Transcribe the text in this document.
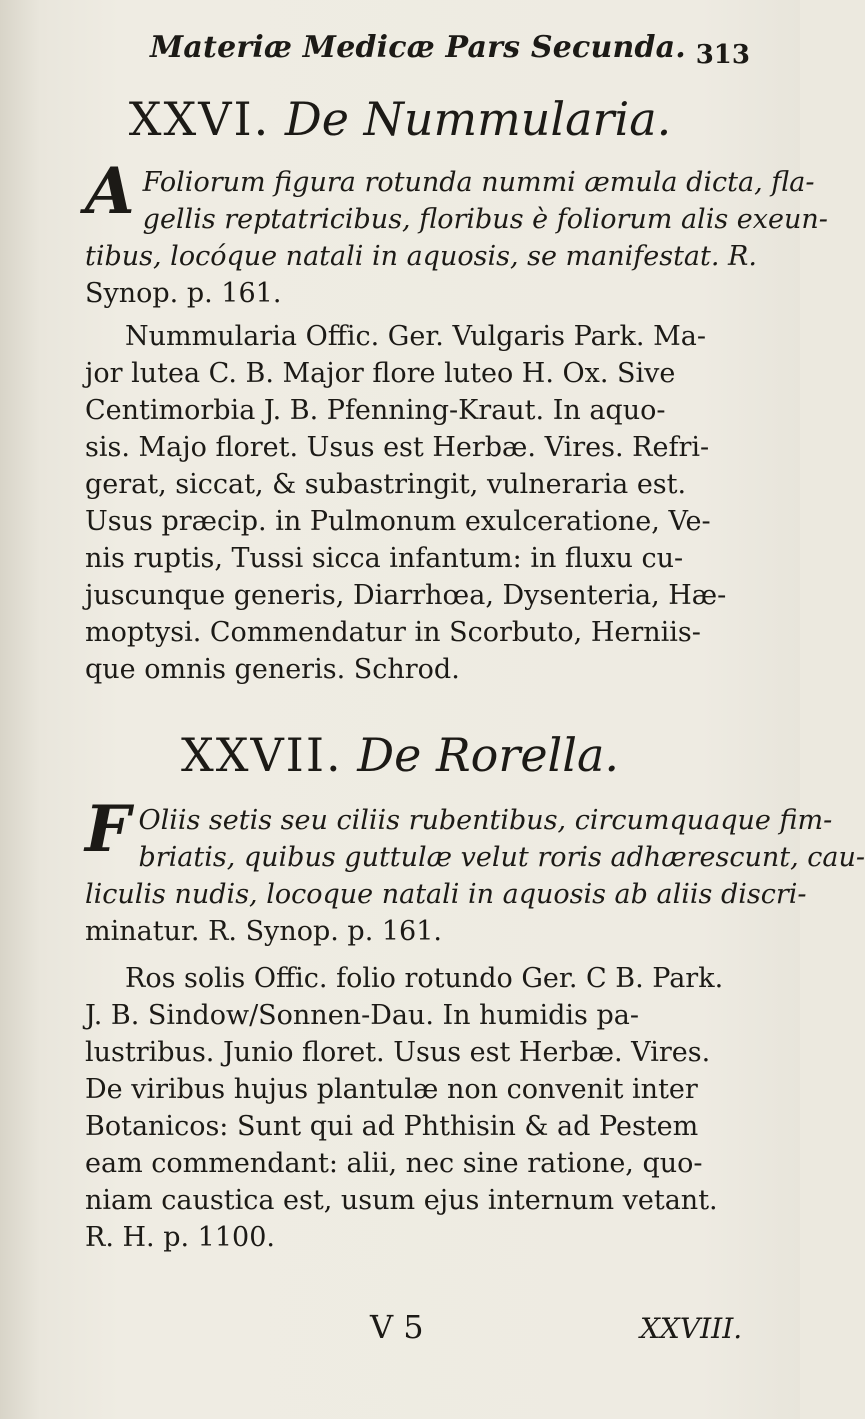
Materiæ Medicæ Pars Secunda. 313
XXVI. De Nummularia.
A Foliorum figura rotunda nummi æmula dicta, fla-
gellis reptatricibus, floribus è foliorum alis exeun-
tibus, locóque natali in aquosis, se manifestat. R.
Synop. p. 161.
Nummularia Offic. Ger. Vulgaris Park. Ma-
jor lutea C. B. Major flore luteo H. Ox. Sive
Centimorbia J. B. Pfenning-Kraut. In aquo-
sis. Majo floret. Usus est Herbæ. Vires. Refri-
gerat, siccat, & subastringit, vulneraria est.
Usus præcip. in Pulmonum exulceratione, Ve-
nis ruptis, Tussi sicca infantum: in fluxu cu-
juscunque generis, Diarrhœa, Dysenteria, Hæ-
moptysi. Commendatur in Scorbuto, Herniis-
que omnis generis. Schrod.
XXVII. De Rorella.
F Oliis setis seu ciliis rubentibus, circumquaque fim-
briatis, quibus guttulæ velut roris adhærescunt, cau-
liculis nudis, locoque natali in aquosis ab aliis discri-
minatur. R. Synop. p. 161.
Ros solis Offic. folio rotundo Ger. C B. Park.
J. B. Sindow/Sonnen-Dau. In humidis pa-
lustribus. Junio floret. Usus est Herbæ. Vires.
De viribus hujus plantulæ non convenit inter
Botanicos: Sunt qui ad Phthisin & ad Pestem
eam commendant: alii, nec sine ratione, quo-
niam caustica est, usum ejus internum vetant.
R. H. p. 1100.
V 5	XXVIII.
